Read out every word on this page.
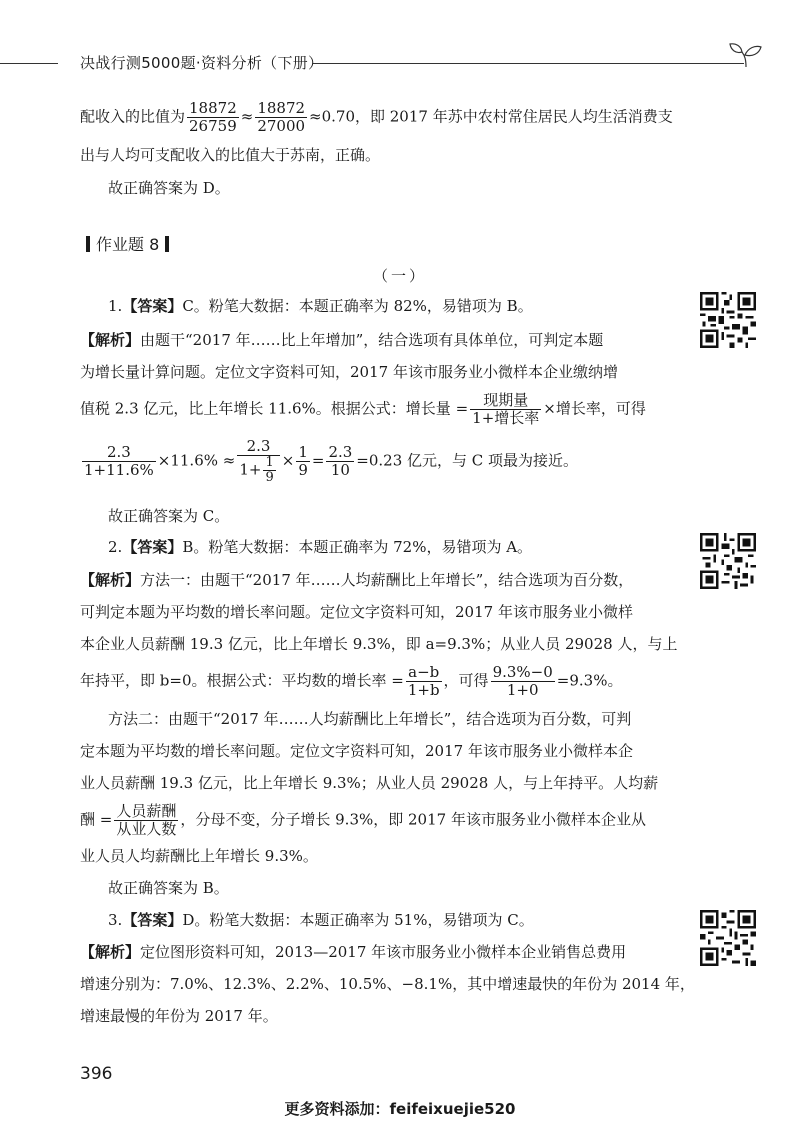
决战行测5000题·资料分析（下册）
配收入的比值为 $\frac{18872}{26759} \approx \frac{18872}{27000} \approx 0.70$，即 2017 年苏中农村常住居民人均生活消费支
出与人均可支配收入的比值大于苏南，正确。
故正确答案为 D。
作业题 8
（一）
1.【答案】C。粉笔大数据：本题正确率为 82%，易错项为 B。
【解析】由题干“2017 年……比上年增加”，结合选项有具体单位，可判定本题
为增长量计算问题。定位文字资料可知，2017 年该市服务业小微样本企业缴纳增
值税 2.3 亿元，比上年增长 11.6%。根据公式：增长量 = $\frac{\text{现期量}}{\text{1+增长率}}$ ×增长率，可得
$\frac{2.3}{1+11.6\%} \times 11.6\% \approx \frac{2.3}{1+ \frac{1}{9}} \times \frac{1}{9} = \frac{2.3}{10} =0.23$ 亿元，与 C 项最为接近。
故正确答案为 C。
2.【答案】B。粉笔大数据：本题正确率为 72%，易错项为 A。
【解析】方法一：由题干“2017 年……人均薪酬比上年增长”，结合选项为百分数，
可判定本题为平均数的增长率问题。定位文字资料可知，2017 年该市服务业小微样
本企业人员薪酬 19.3 亿元，比上年增长 9.3%，即 a=9.3%；从业人员 29028 人，与上
年持平，即 b=0。根据公式：平均数的增长率 = $\frac{a-b}{1+b}$ ，可得 $\frac{9.3\%-0}{1+0} =9.3\%$。
方法二：由题干“2017 年……人均薪酬比上年增长”，结合选项为百分数，可判
定本题为平均数的增长率问题。定位文字资料可知，2017 年该市服务业小微样本企
业人员薪酬 19.3 亿元，比上年增长 9.3%；从业人员 29028 人，与上年持平。人均薪
酬 = $\frac{\text{人员薪酬}}{\text{从业人数}}$ ，分母不变，分子增长 9.3%，即 2017 年该市服务业小微样本企业从
业人员人均薪酬比上年增长 9.3%。
故正确答案为 B。
3.【答案】D。粉笔大数据：本题正确率为 51%，易错项为 C。
【解析】定位图形资料可知，2013—2017 年该市服务业小微样本企业销售总费用
增速分别为：7.0%、12.3%、2.2%、10.5%、−8.1%，其中增速最快的年份为 2014 年，
增速最慢的年份为 2017 年。
396
更多资料添加：feifeixuejie520
